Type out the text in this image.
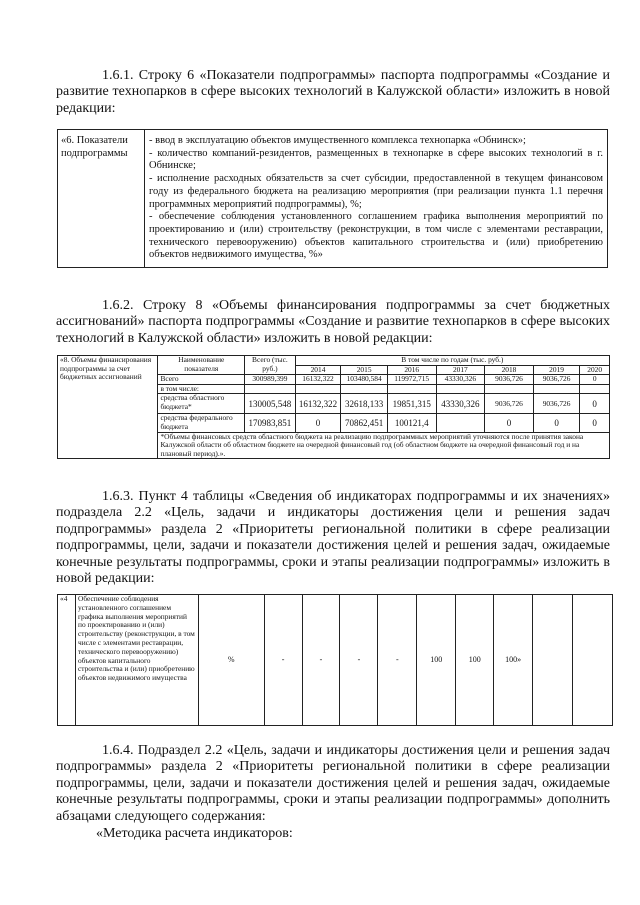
1.6.1. Строку 6 «Показатели подпрограммы» паспорта подпрограммы «Создание и развитие технопарков в сфере высоких технологий в Калужской области» изложить в новой редакции:
«6. Показатели подпрограммы	
- ввод в эксплуатацию объектов имущественного комплекса технопарка «Обнинск»;
- количество компаний-резидентов, размещенных в технопарке в сфере высоких технологий в г. Обнинске;
- исполнение расходных обязательств за счет субсидии, предоставленной в текущем финансовом году из федерального бюджета на реализацию мероприятия (при реализации пункта 1.1 перечня программных мероприятий подпрограммы), %;
- обеспечение соблюдения установленного соглашением графика выполнения мероприятий по проектированию и (или) строительству (реконструкции, в том числе с элементами реставрации, технического перевооружению) объектов капитального строительства и (или) приобретению объектов недвижимого имущества, %»
1.6.2. Строку 8 «Объемы финансирования подпрограммы за счет бюджетных ассигнований» паспорта подпрограммы «Создание и развитие технопарков в сфере высоких технологий в Калужской области» изложить в новой редакции:
«8. Объемы финансирования подпрограммы за счет бюджетных ассигнований	Наименование показателя	Всего (тыс. руб.)	В том числе по годам (тыс. руб.)						
			2014	2015	2016	2017	2018	2019	2020
	Всего	300989,399	16132,322	103480,584	119972,715	43330,326	9036,726	9036,726	0
	в том числе:								
	средства областного бюджета*	130005,548	16132,322	32618,133	19851,315	43330,326	9036,726	9036,726	0
	средства федерального бюджета	170983,851	0	70862,451	100121,4		0	0	0
	*Объемы финансовых средств областного бюджета на реализацию подпрограммных мероприятий уточняются после принятия закона Калужской области об областном бюджете на очередной финансовый год (об областном бюджете на очередной финансовый год и на плановый период).».								
1.6.3. Пункт 4 таблицы «Сведения об индикаторах подпрограммы и их значениях» подраздела 2.2 «Цель, задачи и индикаторы достижения цели и решения задач подпрограммы» раздела 2 «Приоритеты региональной политики в сфере реализации подпрограммы, цели, задачи и показатели достижения целей и решения задач, ожидаемые конечные результаты подпрограммы, сроки и этапы реализации подпрограммы» изложить в новой редакции:
«4	Обеспечение соблюдения установленного соглашением графика выполнения мероприятий по проектированию и (или) строительству (реконструкции, в том числе с элементами реставрации, технического перевооружению) объектов капитального строительства и (или) приобретению объектов недвижимого имущества	%	-	-	-	-	100	100	100»		
1.6.4. Подраздел 2.2 «Цель, задачи и индикаторы достижения цели и решения задач подпрограммы» раздела 2 «Приоритеты региональной политики в сфере реализации подпрограммы, цели, задачи и показатели достижения целей и решения задач, ожидаемые конечные результаты подпрограммы, сроки и этапы реализации подпрограммы» дополнить абзацами следующего содержания:
«Методика расчета индикаторов:
